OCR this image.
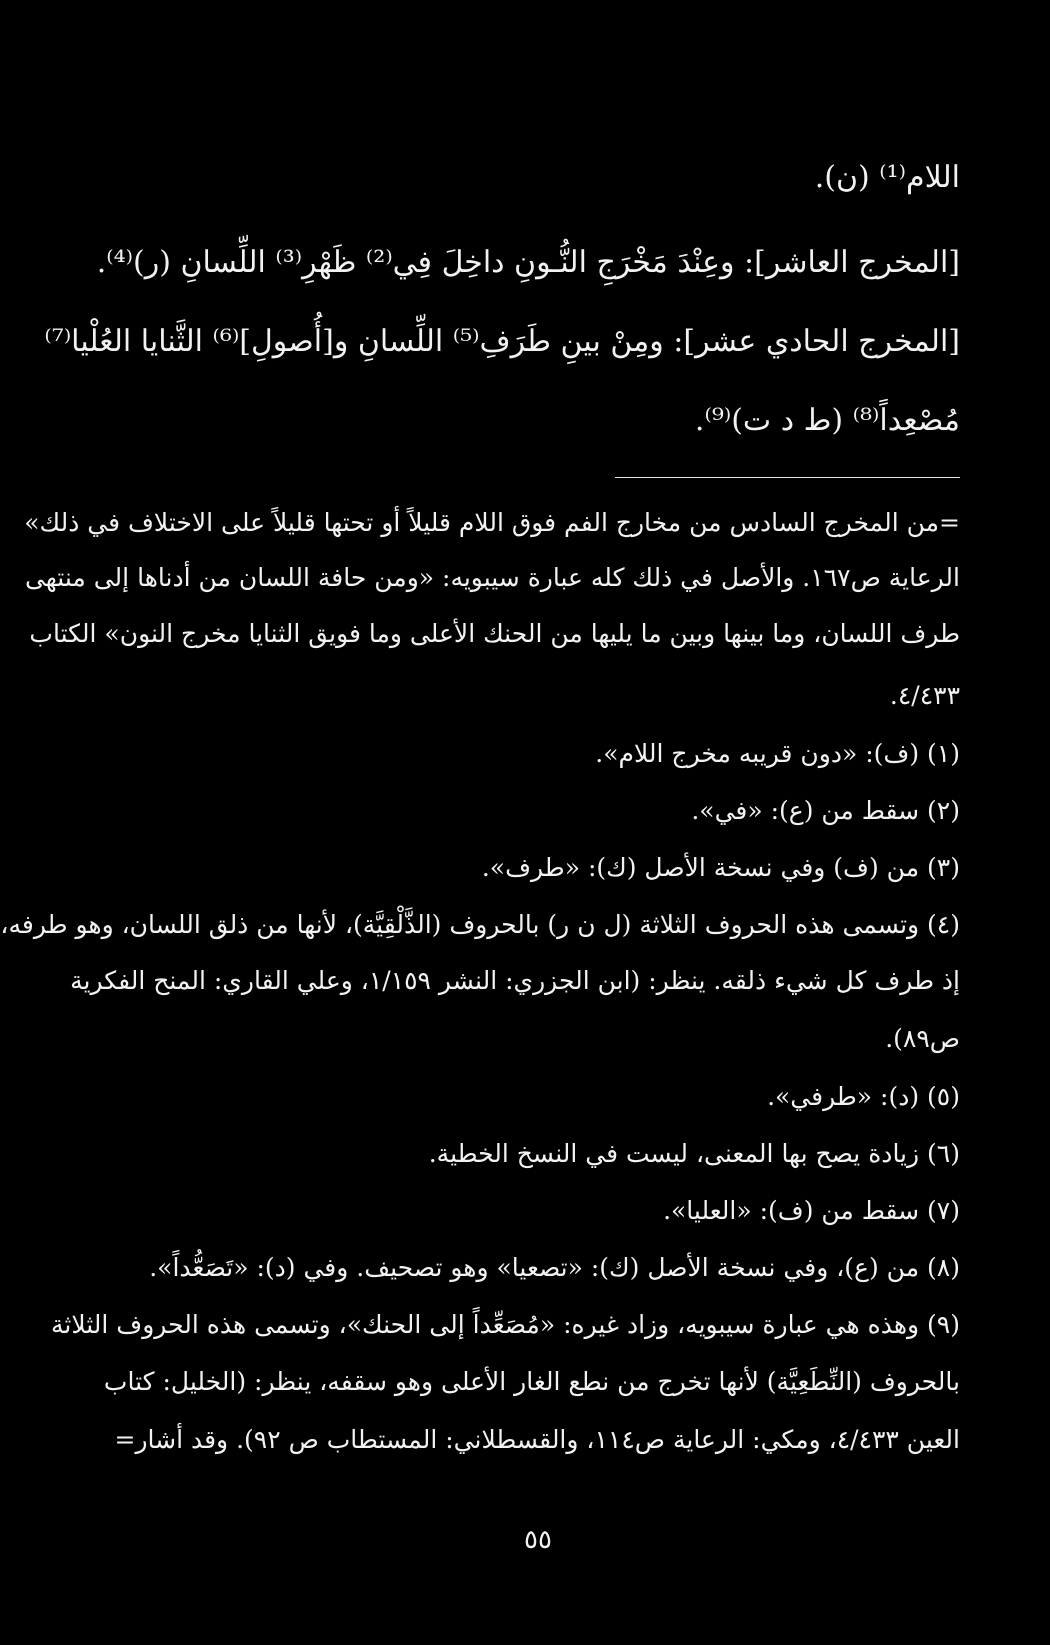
اللام⁽¹⁾ (ن).
[المخرج العاشر]: وعِنْدَ مَخْرَجِ النُّـونِ داخِلَ فِي⁽²⁾ ظَهْرِ⁽³⁾ اللِّسانِ (ر)⁽⁴⁾.
[المخرج الحادي عشر]: ومِنْ بينِ طَرَفِ⁽⁵⁾ اللِّسانِ و[أُصولِ]⁽⁶⁾ الثَّنايا العُلْيا⁽⁷⁾
مُصْعِداً⁽⁸⁾ (ط د ت)⁽⁹⁾.
=من المخرج السادس من مخارج الفم فوق اللام قليلاً أو تحتها قليلاً على الاختلاف في ذلك»
الرعاية ص١٦٧. والأصل في ذلك كله عبارة سيبويه: «ومن حافة اللسان من أدناها إلى منتهى
طرف اللسان، وما بينها وبين ما يليها من الحنك الأعلى وما فويق الثنايا مخرج النون» الكتاب
٤/٤٣٣.
(١) (ف): «دون قريبه مخرج اللام».
(٢) سقط من (ع): «في».
(٣) من (ف) وفي نسخة الأصل (ك): «طرف».
(٤) وتسمى هذه الحروف الثلاثة (ل ن ر) بالحروف (الذَّلْقِيَّة)، لأنها من ذلق اللسان، وهو طرفه،
إذ طرف كل شيء ذلقه. ينظر: (ابن الجزري: النشر ١/١٥٩، وعلي القاري: المنح الفكرية
ص٨٩).
(٥) (د): «طرفي».
(٦) زيادة يصح بها المعنى، ليست في النسخ الخطية.
(٧) سقط من (ف): «العليا».
(٨) من (ع)، وفي نسخة الأصل (ك): «تصعيا» وهو تصحيف. وفي (د): «تَصَعُّداً».
(٩) وهذه هي عبارة سيبويه، وزاد غيره: «مُصَعِّداً إلى الحنك»، وتسمى هذه الحروف الثلاثة
بالحروف (النِّطَعِيَّة) لأنها تخرج من نطع الغار الأعلى وهو سقفه، ينظر: (الخليل: كتاب
العين ٤/٤٣٣، ومكي: الرعاية ص١١٤، والقسطلاني: المستطاب ص ٩٢). وقد أشار=
٥٥
